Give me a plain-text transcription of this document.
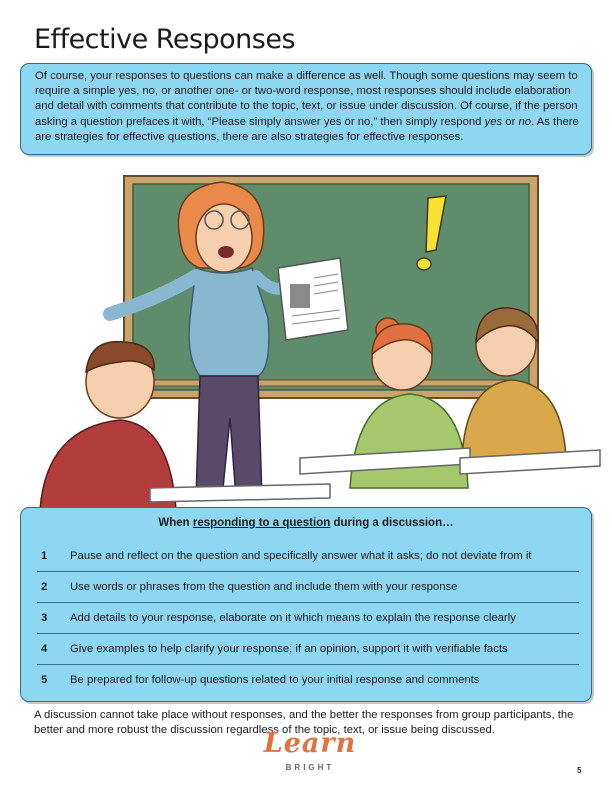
Effective Responses
Of course, your responses to questions can make a difference as well. Though some questions may seem to require a simple yes, no, or another one- or two-word response, most responses should include elaboration and detail with comments that contribute to the topic, text, or issue under discussion. Of course, if the person asking a question prefaces it with, “Please simply answer yes or no,” then simply respond yes or no. As there are strategies for effective questions, there are also strategies for effective responses.
When responding to a question during a discussion…
1 Pause and reflect on the question and specifically answer what it asks; do not deviate from it
2 Use words or phrases from the question and include them with your response
3 Add details to your response, elaborate on it which means to explain the response clearly
4 Give examples to help clarify your response; if an opinion, support it with verifiable facts
5 Be prepared for follow-up questions related to your initial response and comments
A discussion cannot take place without responses, and the better the responses from group participants, the better and more robust the discussion regardless of the topic, text, or issue being discussed.
Learn
BRIGHT	5
